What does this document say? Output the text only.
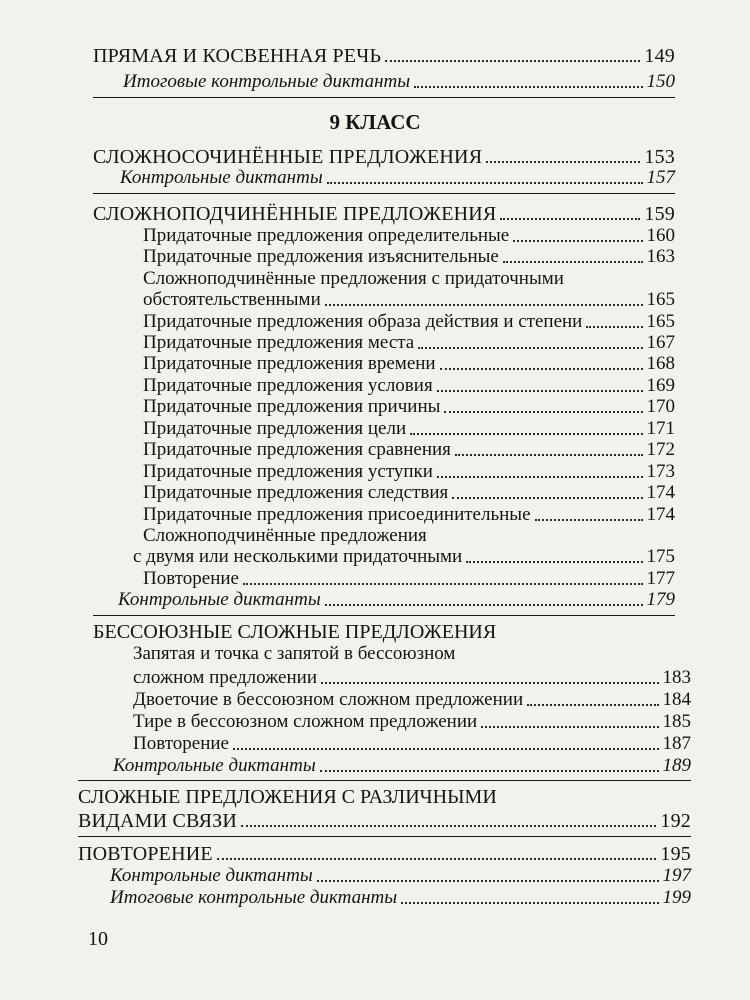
ПРЯМАЯ И КОСВЕННАЯ РЕЧЬ	149
Итоговые контрольные диктанты	150
9 КЛАСС
СЛОЖНОСОЧИНЁННЫЕ ПРЕДЛОЖЕНИЯ	153
Контрольные диктанты	157
СЛОЖНОПОДЧИНЁННЫЕ ПРЕДЛОЖЕНИЯ	159
Придаточные предложения определительные	160
Придаточные предложения изъяснительные	163
Сложноподчинённые предложения с придаточными
обстоятельственными	165
Придаточные предложения образа действия и степени	165
Придаточные предложения места	167
Придаточные предложения времени	168
Придаточные предложения условия	169
Придаточные предложения причины	170
Придаточные предложения цели	171
Придаточные предложения сравнения	172
Придаточные предложения уступки	173
Придаточные предложения следствия	174
Придаточные предложения присоединительные	174
Сложноподчинённые предложения
с двумя или несколькими придаточными	175
Повторение	177
Контрольные диктанты	179
БЕССОЮЗНЫЕ СЛОЖНЫЕ ПРЕДЛОЖЕНИЯ
Запятая и точка с запятой в бессоюзном
сложном предложении	183
Двоеточие в бессоюзном сложном предложении	184
Тире в бессоюзном сложном предложении	185
Повторение	187
Контрольные диктанты	189
СЛОЖНЫЕ ПРЕДЛОЖЕНИЯ С РАЗЛИЧНЫМИ
ВИДАМИ СВЯЗИ	192
ПОВТОРЕНИЕ	195
Контрольные диктанты	197
Итоговые контрольные диктанты	199
10
